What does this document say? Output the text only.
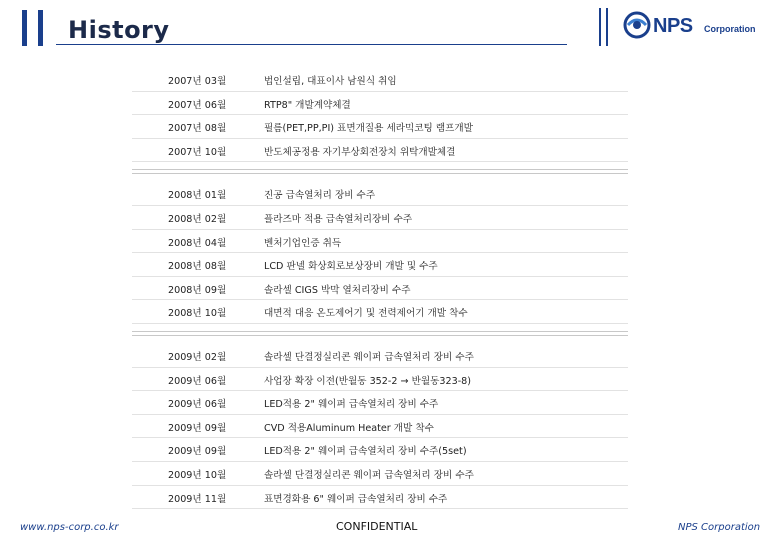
History	NPS Corporation
2007년 03월	법인설립, 대표이사 남원식 취임
2007년 06월	RTP8" 개발계약체결
2007년 08월	필름(PET,PP,PI) 표면개질용 세라믹코팅 램프개발
2007년 10월	반도체공정용 자기부상회전장치 위탁개발체결
2008년 01월	진공 급속열처리 장비 수주
2008년 02월	플라즈마 적용 급속열처리장비 수주
2008년 04월	벤처기업인증 취득
2008년 08월	LCD 판넬 화상회로보상장비 개발 및 수주
2008년 09월	솔라셀 CIGS 박막 열처리장비 수주
2008년 10월	대면적 대응 온도제어기 및 전력제어기 개발 착수
2009년 02월	솔라셀 단결정실리콘 웨이퍼 급속열처리 장비 수주
2009년 06월	사업장 확장 이전(반월동 352-2 → 반월동323-8)
2009년 06월	LED적용 2" 웨이퍼 급속열처리 장비 수주
2009년 09월	CVD 적용Aluminum Heater 개발 착수
2009년 09월	LED적용 2" 웨이퍼 급속열처리 장비 수주(5set)
2009년 10월	솔라셀 단결정실리콘 웨이퍼 급속열처리 장비 수주
2009년 11월	표면경화용 6" 웨이퍼 급속열처리 장비 수주
www.nps-corp.co.kr	CONFIDENTIAL	NPS Corporation
